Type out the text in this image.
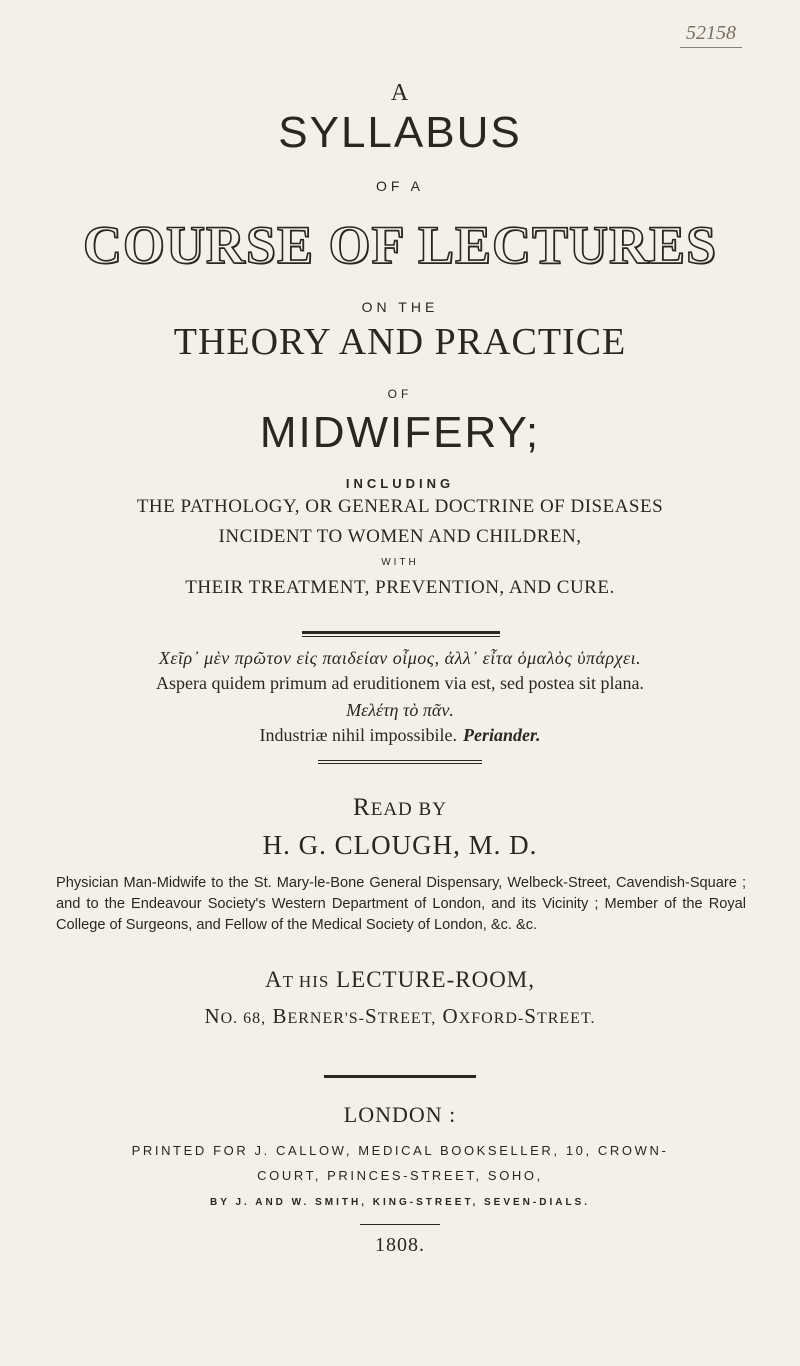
52158
A
SYLLABUS
OF A
COURSE OF LECTURES
ON THE
THEORY AND PRACTICE
OF
MIDWIFERY;
INCLUDING
THE PATHOLOGY, OR GENERAL DOCTRINE OF DISEASES
INCIDENT TO WOMEN AND CHILDREN,
WITH
THEIR TREATMENT, PREVENTION, AND CURE.
Χεῖρ᾽ μὲν πρῶτον εἰς παιδείαν οἶμος, ἀλλ᾽ εἶτα ὁμαλὸς ὑπάρχει.
Aspera quidem primum ad eruditionem via est, sed postea sit plana.
Μελέτη τὸ πᾶν.
Industriæ nihil impossibile. Periander.
READ BY
H. G. CLOUGH, M. D.
Physician Man-Midwife to the St. Mary-le-Bone General Dispensary, Welbeck-Street, Cavendish-Square ; and to the Endeavour Society's Western Department of London, and its Vicinity ; Member of the Royal College of Surgeons, and Fellow of the Medical Society of London, &c. &c.
AT HIS LECTURE-ROOM,
NO. 68, BERNER'S-STREET, OXFORD-STREET.
LONDON :
PRINTED FOR J. CALLOW, MEDICAL BOOKSELLER, 10, CROWN-
COURT, PRINCES-STREET, SOHO,
BY J. AND W. SMITH, KING-STREET, SEVEN-DIALS.
1808.
